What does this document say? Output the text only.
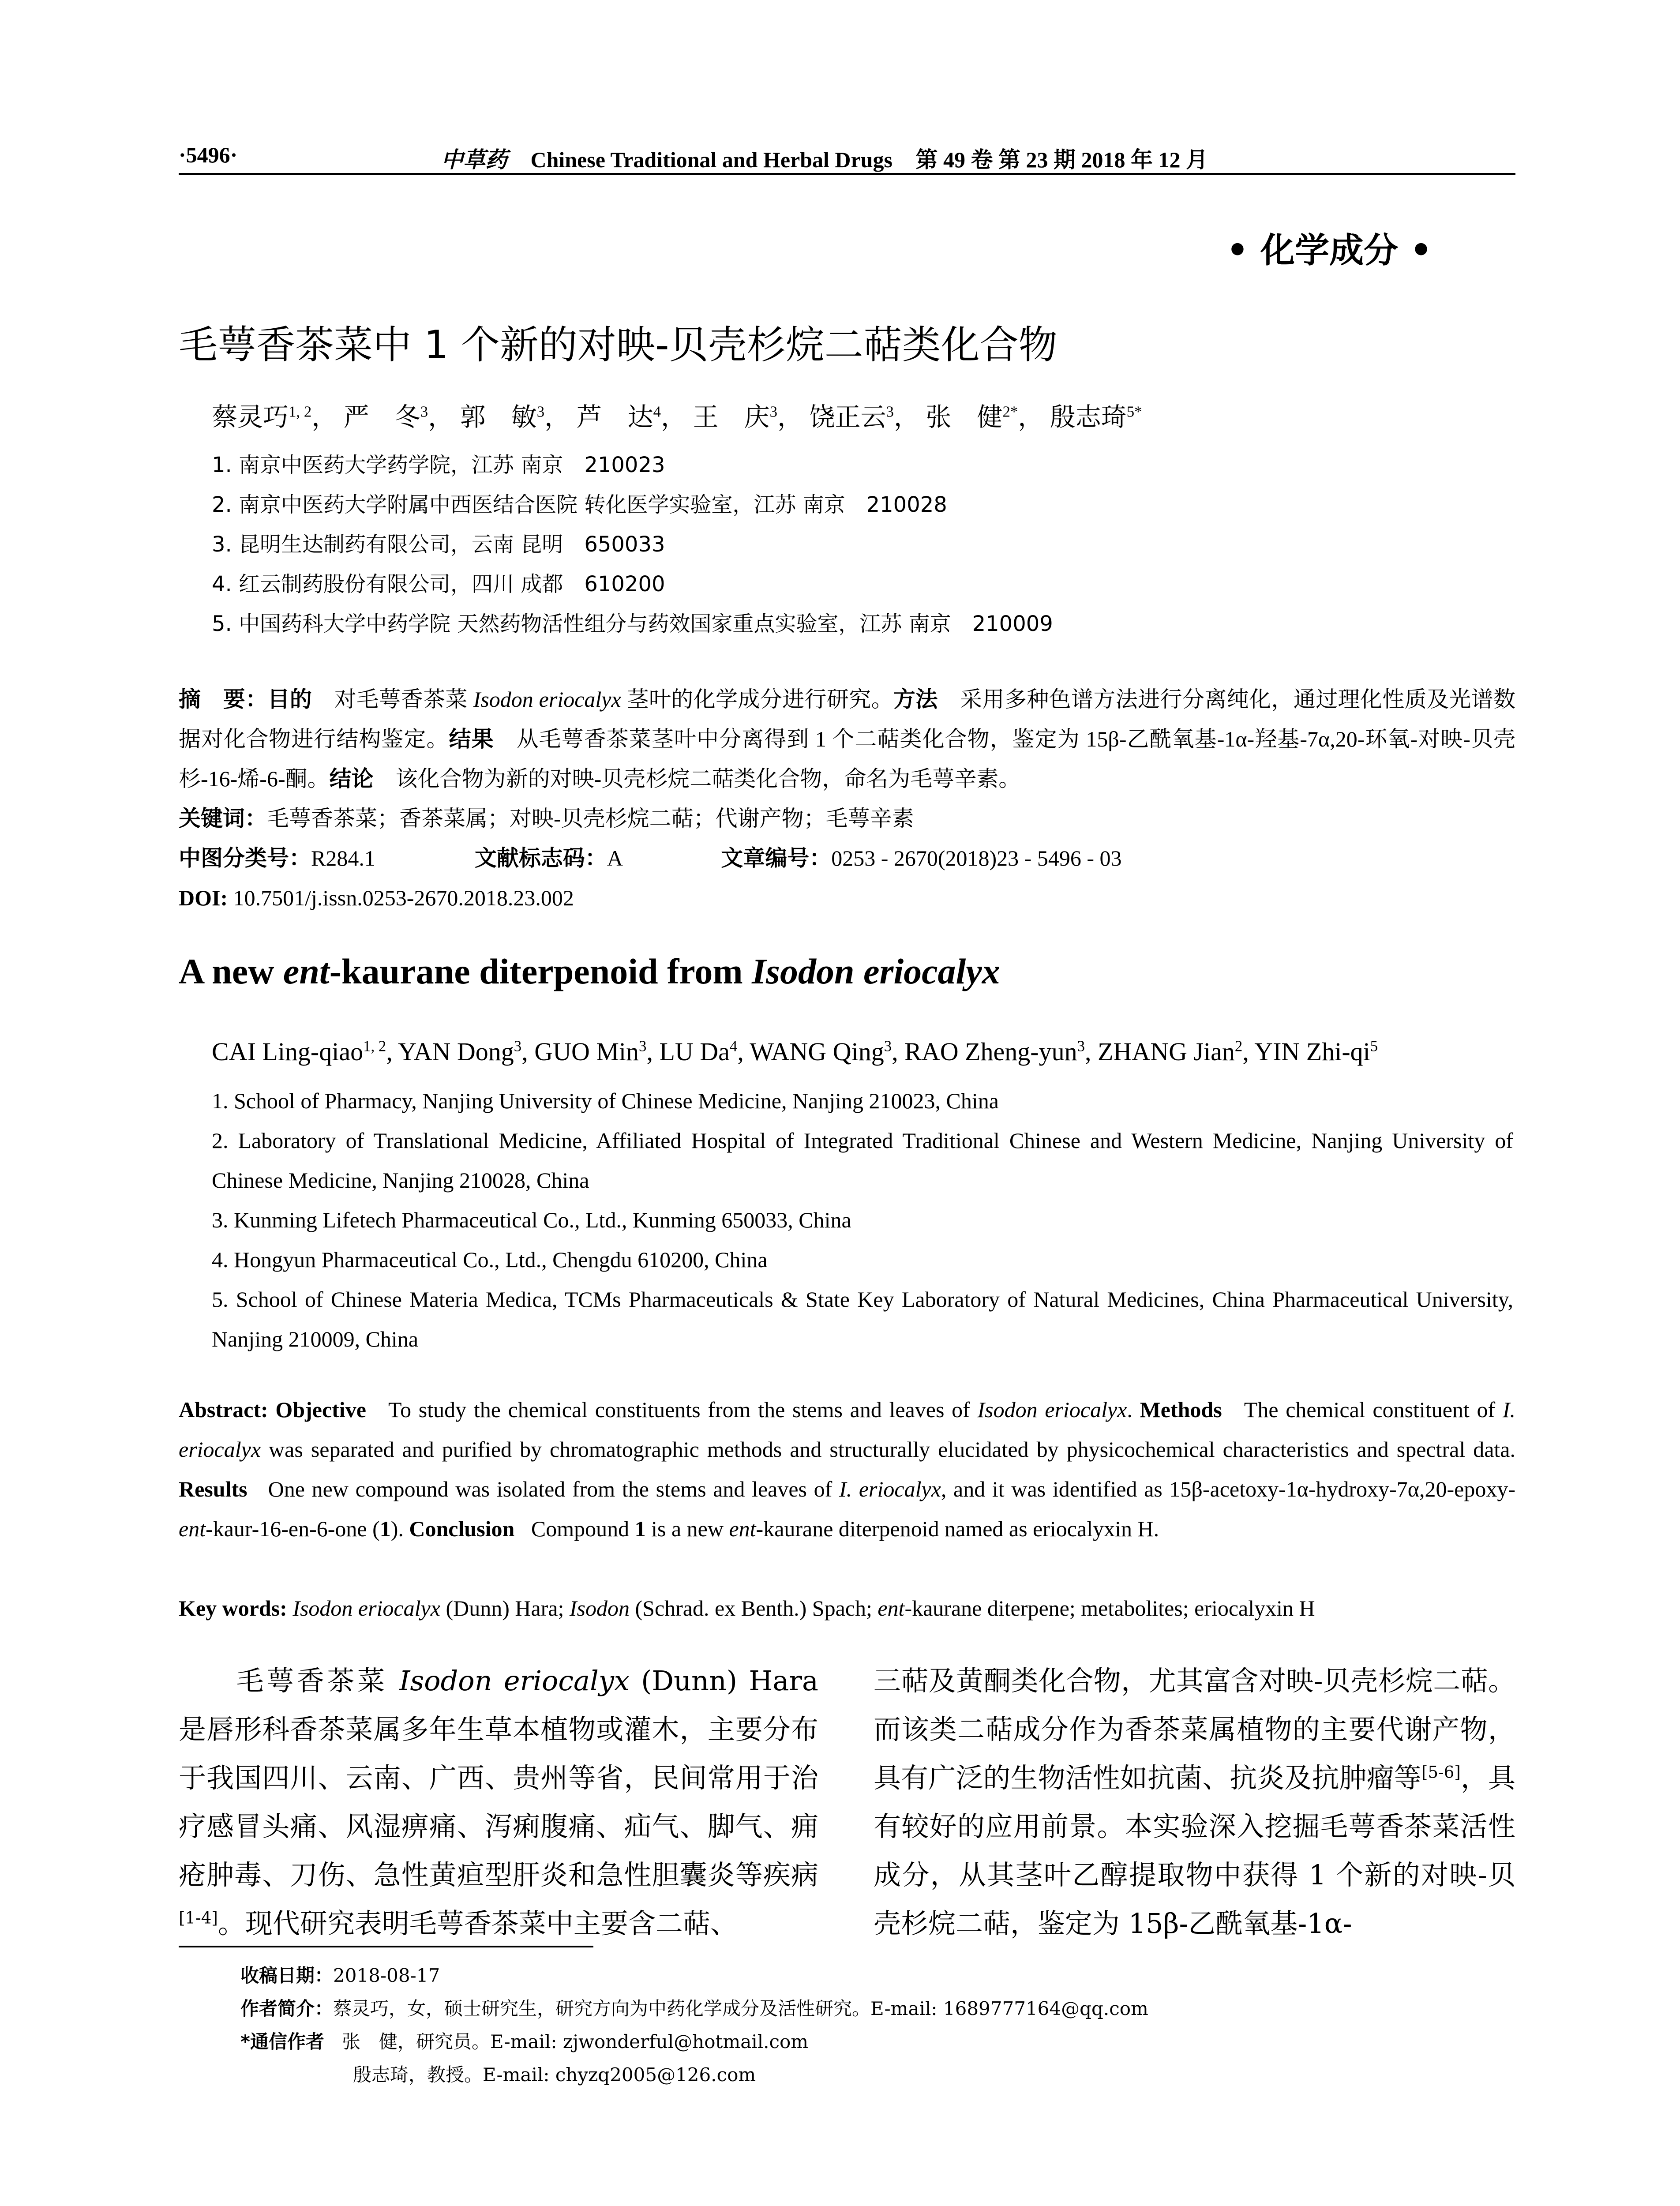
·5496·	中草药 Chinese Traditional and Herbal Drugs 第 49 卷 第 23 期 2018 年 12 月
• 化学成分 •
毛萼香茶菜中 1 个新的对映-贝壳杉烷二萜类化合物
蔡灵巧$^{1, 2}$， 严　冬$^3$， 郭　敏$^3$， 芦　达$^4$， 王　庆$^3$， 饶正云$^3$， 张　健$^{2*}$， 殷志琦$^{5*}$
1. 南京中医药大学药学院，江苏 南京　210023
2. 南京中医药大学附属中西医结合医院 转化医学实验室，江苏 南京　210028
3. 昆明生达制药有限公司，云南 昆明　650033
4. 红云制药股份有限公司，四川 成都　610200
5. 中国药科大学中药学院 天然药物活性组分与药效国家重点实验室，江苏 南京　210009
摘　要：目的　 对毛萼香茶菜 Isodon eriocalyx 茎叶的化学成分进行研究。方法　 采用多种色谱方法进行分离纯化，通过理化性质及光谱数据对化合物进行结构鉴定。结果　 从毛萼香茶菜茎叶中分离得到 1 个二萜类化合物，鉴定为 15β-乙酰氧基-1α-羟基-7α,20-环氧-对映-贝壳杉-16-烯-6-酮。结论　 该化合物为新的对映-贝壳杉烷二萜类化合物，命名为毛萼辛素。
关键词：毛萼香茶菜；香茶菜属；对映-贝壳杉烷二萜；代谢产物；毛萼辛素
中图分类号：R284.1	文献标志码：A	文章编号：0253 - 2670(2018)23 - 5496 - 03
DOI: 10.7501/j.issn.0253-2670.2018.23.002
A new ent-kaurane diterpenoid from Isodon eriocalyx
CAI Ling-qiao$^{1, 2}$, YAN Dong$^3$, GUO Min$^3$, LU Da$^4$, WANG Qing$^3$, RAO Zheng-yun$^3$, ZHANG Jian$^2$, YIN Zhi-$qi^5$
1. School of Pharmacy, Nanjing University of Chinese Medicine, Nanjing 210023, China
2. Laboratory of Translational Medicine, Affiliated Hospital of Integrated Traditional Chinese and Western Medicine, Nanjing University of Chinese Medicine, Nanjing 210028, China
3. Kunming Lifetech Pharmaceutical Co., Ltd., Kunming 650033, China
4. Hongyun Pharmaceutical Co., Ltd., Chengdu 610200, China
5. School of Chinese Materia Medica, TCMs Pharmaceuticals & State Key Laboratory of Natural Medicines, China Pharmaceutical University, Nanjing 210009, China
Abstract: Objective To study the chemical constituents from the stems and leaves of Isodon eriocalyx. Methods The chemical constituent of I. eriocalyx was separated and purified by chromatographic methods and structurally elucidated by physicochemical characteristics and spectral data. Results One new compound was isolated from the stems and leaves of I. eriocalyx, and it was identified as 15β-acetoxy-1α-hydroxy-7α,20-epoxy-ent-kaur-16-en-6-one (1). Conclusion Compound 1 is a new ent-kaurane diterpenoid named as eriocalyxin H.
Key words: Isodon eriocalyx (Dunn) Hara; Isodon (Schrad. ex Benth.) Spach; ent-kaurane diterpene; metabolites; eriocalyxin H
毛萼香茶菜 Isodon eriocalyx (Dunn) Hara 是唇形科香茶菜属多年生草本植物或灌木，主要分布于我国四川、云南、广西、贵州等省，民间常用于治疗感冒头痛、风湿痹痛、泻痢腹痛、疝气、脚气、痈疮肿毒、刀伤、急性黄疸型肝炎和急性胆囊炎等疾病[1-4]。现代研究表明毛萼香茶菜中主要含二萜、
三萜及黄酮类化合物，尤其富含对映-贝壳杉烷二萜。而该类二萜成分作为香茶菜属植物的主要代谢产物，具有广泛的生物活性如抗菌、抗炎及抗肿瘤等[5-6]，具有较好的应用前景。本实验深入挖掘毛萼香茶菜活性成分，从其茎叶乙醇提取物中获得 1 个新的对映-贝壳杉烷二萜，鉴定为 15β-乙酰氧基-1α-
收稿日期：2018-08-17
作者简介：蔡灵巧，女，硕士研究生，研究方向为中药化学成分及活性研究。E-mail: 1689777164@qq.com
*通信作者 张　健，研究员。E-mail: zjwonderful@hotmail.com
殷志琦，教授。E-mail: chyzq2005@126.com
